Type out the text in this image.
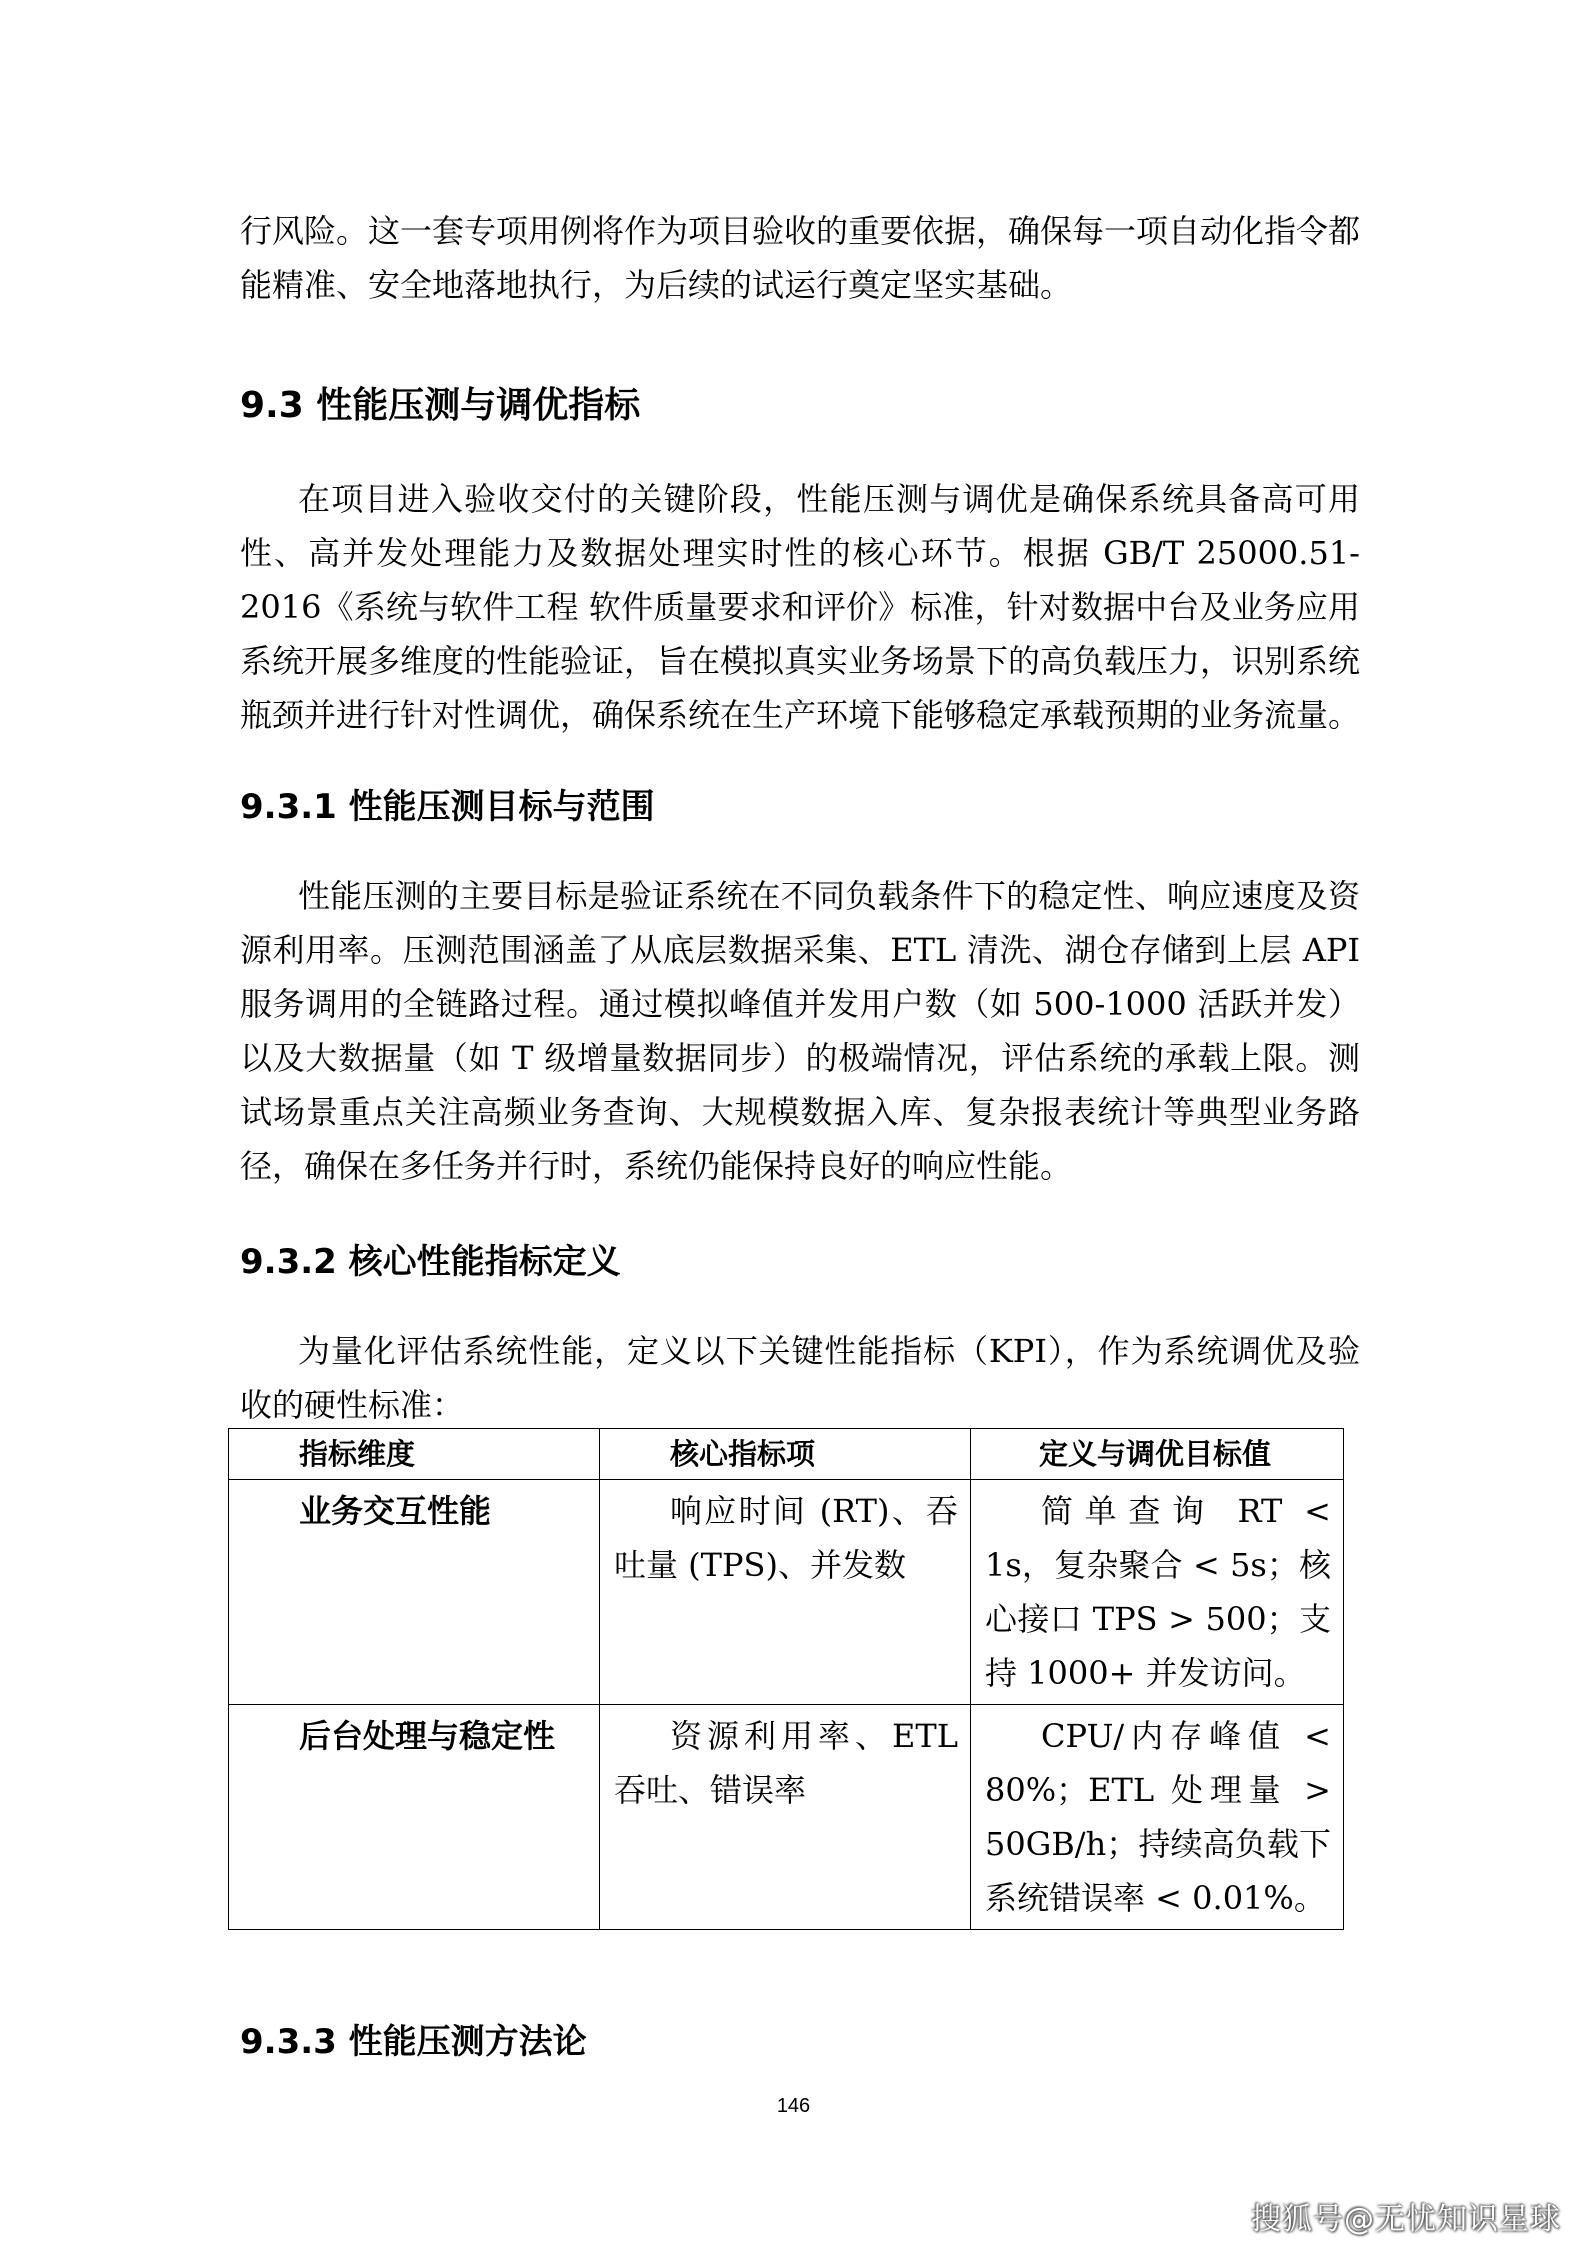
行风险。这一套专项用例将作为项目验收的重要依据，确保每一项自动化指令都能精准、安全地落地执行，为后续的试运行奠定坚实基础。

9.3 性能压测与调优指标

在项目进入验收交付的关键阶段，性能压测与调优是确保系统具备高可用性、高并发处理能力及数据处理实时性的核心环节。根据 GB/T 25000.51-2016《系统与软件工程 软件质量要求和评价》标准，针对数据中台及业务应用系统开展多维度的性能验证，旨在模拟真实业务场景下的高负载压力，识别系统瓶颈并进行针对性调优，确保系统在生产环境下能够稳定承载预期的业务流量。

9.3.1 性能压测目标与范围

性能压测的主要目标是验证系统在不同负载条件下的稳定性、响应速度及资源利用率。压测范围涵盖了从底层数据采集、ETL 清洗、湖仓存储到上层 API 服务调用的全链路过程。通过模拟峰值并发用户数（如 500-1000 活跃并发）以及大数据量（如 T 级增量数据同步）的极端情况，评估系统的承载上限。测试场景重点关注高频业务查询、大规模数据入库、复杂报表统计等典型业务路径，确保在多任务并行时，系统仍能保持良好的响应性能。

9.3.2 核心性能指标定义

为量化评估系统性能，定义以下关键性能指标（KPI），作为系统调优及验收的硬性标准：

指标维度	核心指标项	定义与调优目标值
业务交互性能	响应时间 (RT)、吞吐量 (TPS)、并发数	简单查询 RT < 1s，复杂聚合 < 5s；核心接口 TPS > 500；支持 1000+ 并发访问。
后台处理与稳定性	资源利用率、ETL 吞吐、错误率	CPU/内存峰值 < 80%；ETL 处理量 > 50GB/h；持续高负载下系统错误率 < 0.01%。
9.3.3 性能压测方法论
146
搜狐号@无忧知识星球
